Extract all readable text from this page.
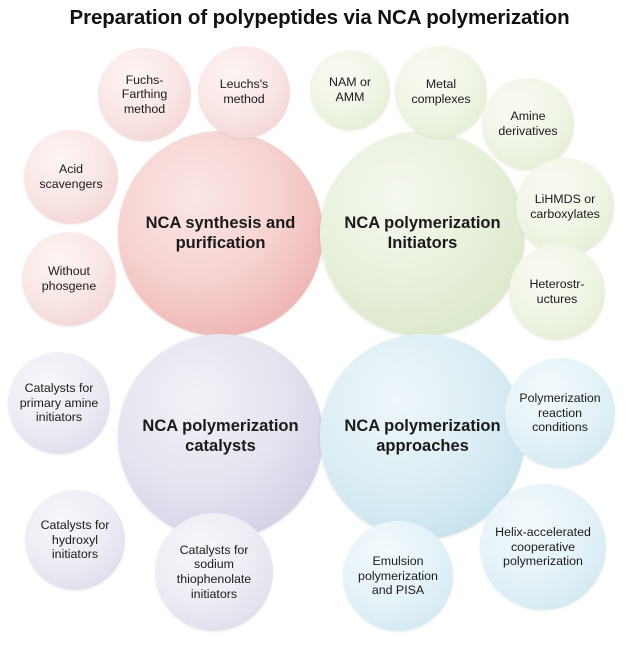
Preparation of polypeptides via NCA polymerization
NCA synthesis and purification
NCA polymerization Initiators
NCA polymerization catalysts
NCA polymerization approaches
Fuchs-Farthing method
Leuchs's method
Acid scavengers
Without phosgene
NAM or AMM
Metal complexes
Amine derivatives
LiHMDS or carboxylates
Heterostr-uctures
Catalysts for primary amine initiators
Catalysts for hydroxyl initiators	Catalysts for sodium thiophenolate initiators
Emulsion polymerization and PISA
Helix-accelerated cooperative polymerization
Polymerization reaction conditions
